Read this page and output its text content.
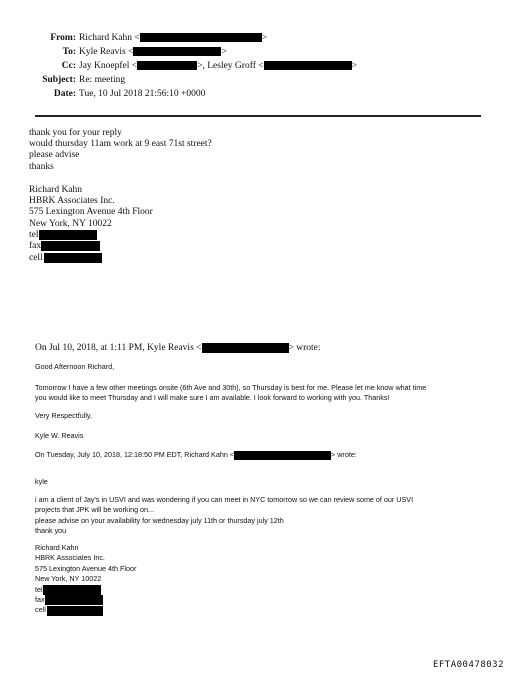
From: Richard Kahn <	>
To: Kyle Reavis <	>
Cc: Jay Knoepfel <	>, Lesley Groff <	>
Subject: Re: meeting
Date: Tue, 10 Jul 2018 21:56:10 +0000
thank you for your reply
would thursday 11am work at 9 east 71st street?
please advise
thanks
Richard Kahn
HBRK Associates Inc.
575 Lexington Avenue 4th Floor
New York, NY 10022
tel
fax
cell
On Jul 10, 2018, at 1:11 PM, Kyle Reavis <	> wrote:
Good Afternoon Richard,
Tomorrow I have a few other meetings onsite (6th Ave and 30th), so Thursday is best for me. Please let me know what time
you would like to meet Thursday and I will make sure I am available. I look forward to working with you. Thanks!
Very Respectfully,
Kyle W. Reavis
On Tuesday, July 10, 2018, 12:18:50 PM EDT, Richard Kahn <	> wrote:
kyle
i am a client of Jay's in USVI and was wondering if you can meet in NYC tomorrow so we can review some of our USVI
projects that JPK will be working on...
please advise on your availability for wednesday july 11th or thursday july 12th
thank you
Richard Kahn
HBRK Associates Inc.
575 Lexington Avenue 4th Floor
New York, NY 10022
tel
fax
cell
EFTA00478032
